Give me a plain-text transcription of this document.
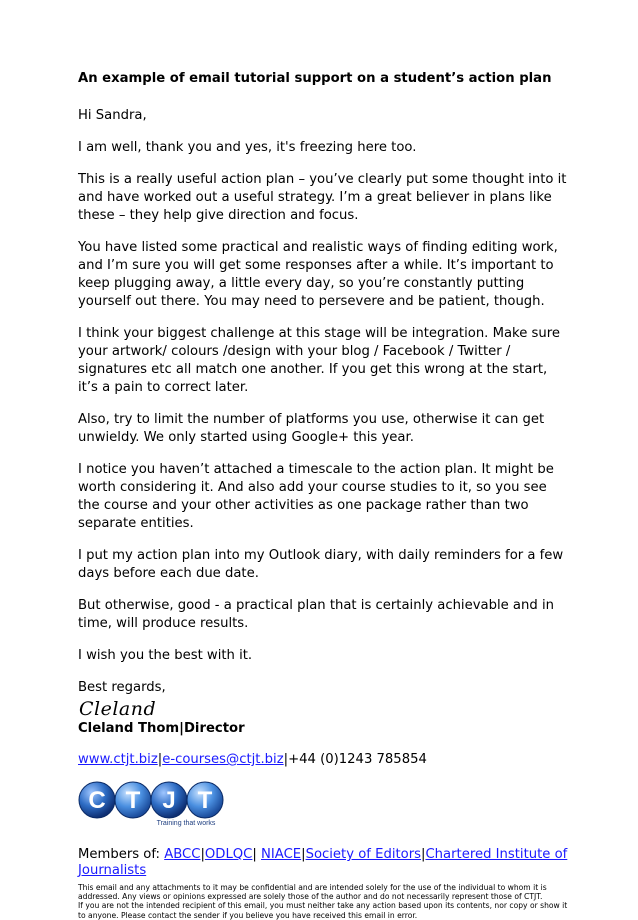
An example of email tutorial support on a student’s action plan
Hi Sandra,
I am well, thank you and yes, it's freezing here too.
This is a really useful action plan – you’ve clearly put some thought into it and have worked out a useful strategy. I’m a great believer in plans like these – they help give direction and focus.
You have listed some practical and realistic ways of finding editing work, and I’m sure you will get some responses after a while. It’s important to keep plugging away, a little every day, so you’re constantly putting yourself out there. You may need to persevere and be patient, though.
I think your biggest challenge at this stage will be integration. Make sure your artwork/ colours /design with your blog / Facebook / Twitter / signatures etc all match one another. If you get this wrong at the start, it’s a pain to correct later.
Also, try to limit the number of platforms you use, otherwise it can get unwieldy. We only started using Google+ this year.
I notice you haven’t attached a timescale to the action plan. It might be worth considering it. And also add your course studies to it, so you see the course and your other activities as one package rather than two separate entities.
I put my action plan into my Outlook diary, with daily reminders for a few days before each due date.
But otherwise, good - a practical plan that is certainly achievable and in time, will produce results.
I wish you the best with it.
Best regards,
Cleland
Cleland Thom|Director
www.ctjt.biz|e-courses@ctjt.biz|+44 (0)1243 785854
C T J T
Training that works
Members of: ABCC|ODLQC| NIACE|Society of Editors|Chartered Institute of Journalists
This email and any attachments to it may be confidential and are intended solely for the use of the individual to whom it is addressed. Any views or opinions expressed are solely those of the author and do not necessarily represent those of CTJT.
If you are not the intended recipient of this email, you must neither take any action based upon its contents, nor copy or show it to anyone. Please contact the sender if you believe you have received this email in error.
